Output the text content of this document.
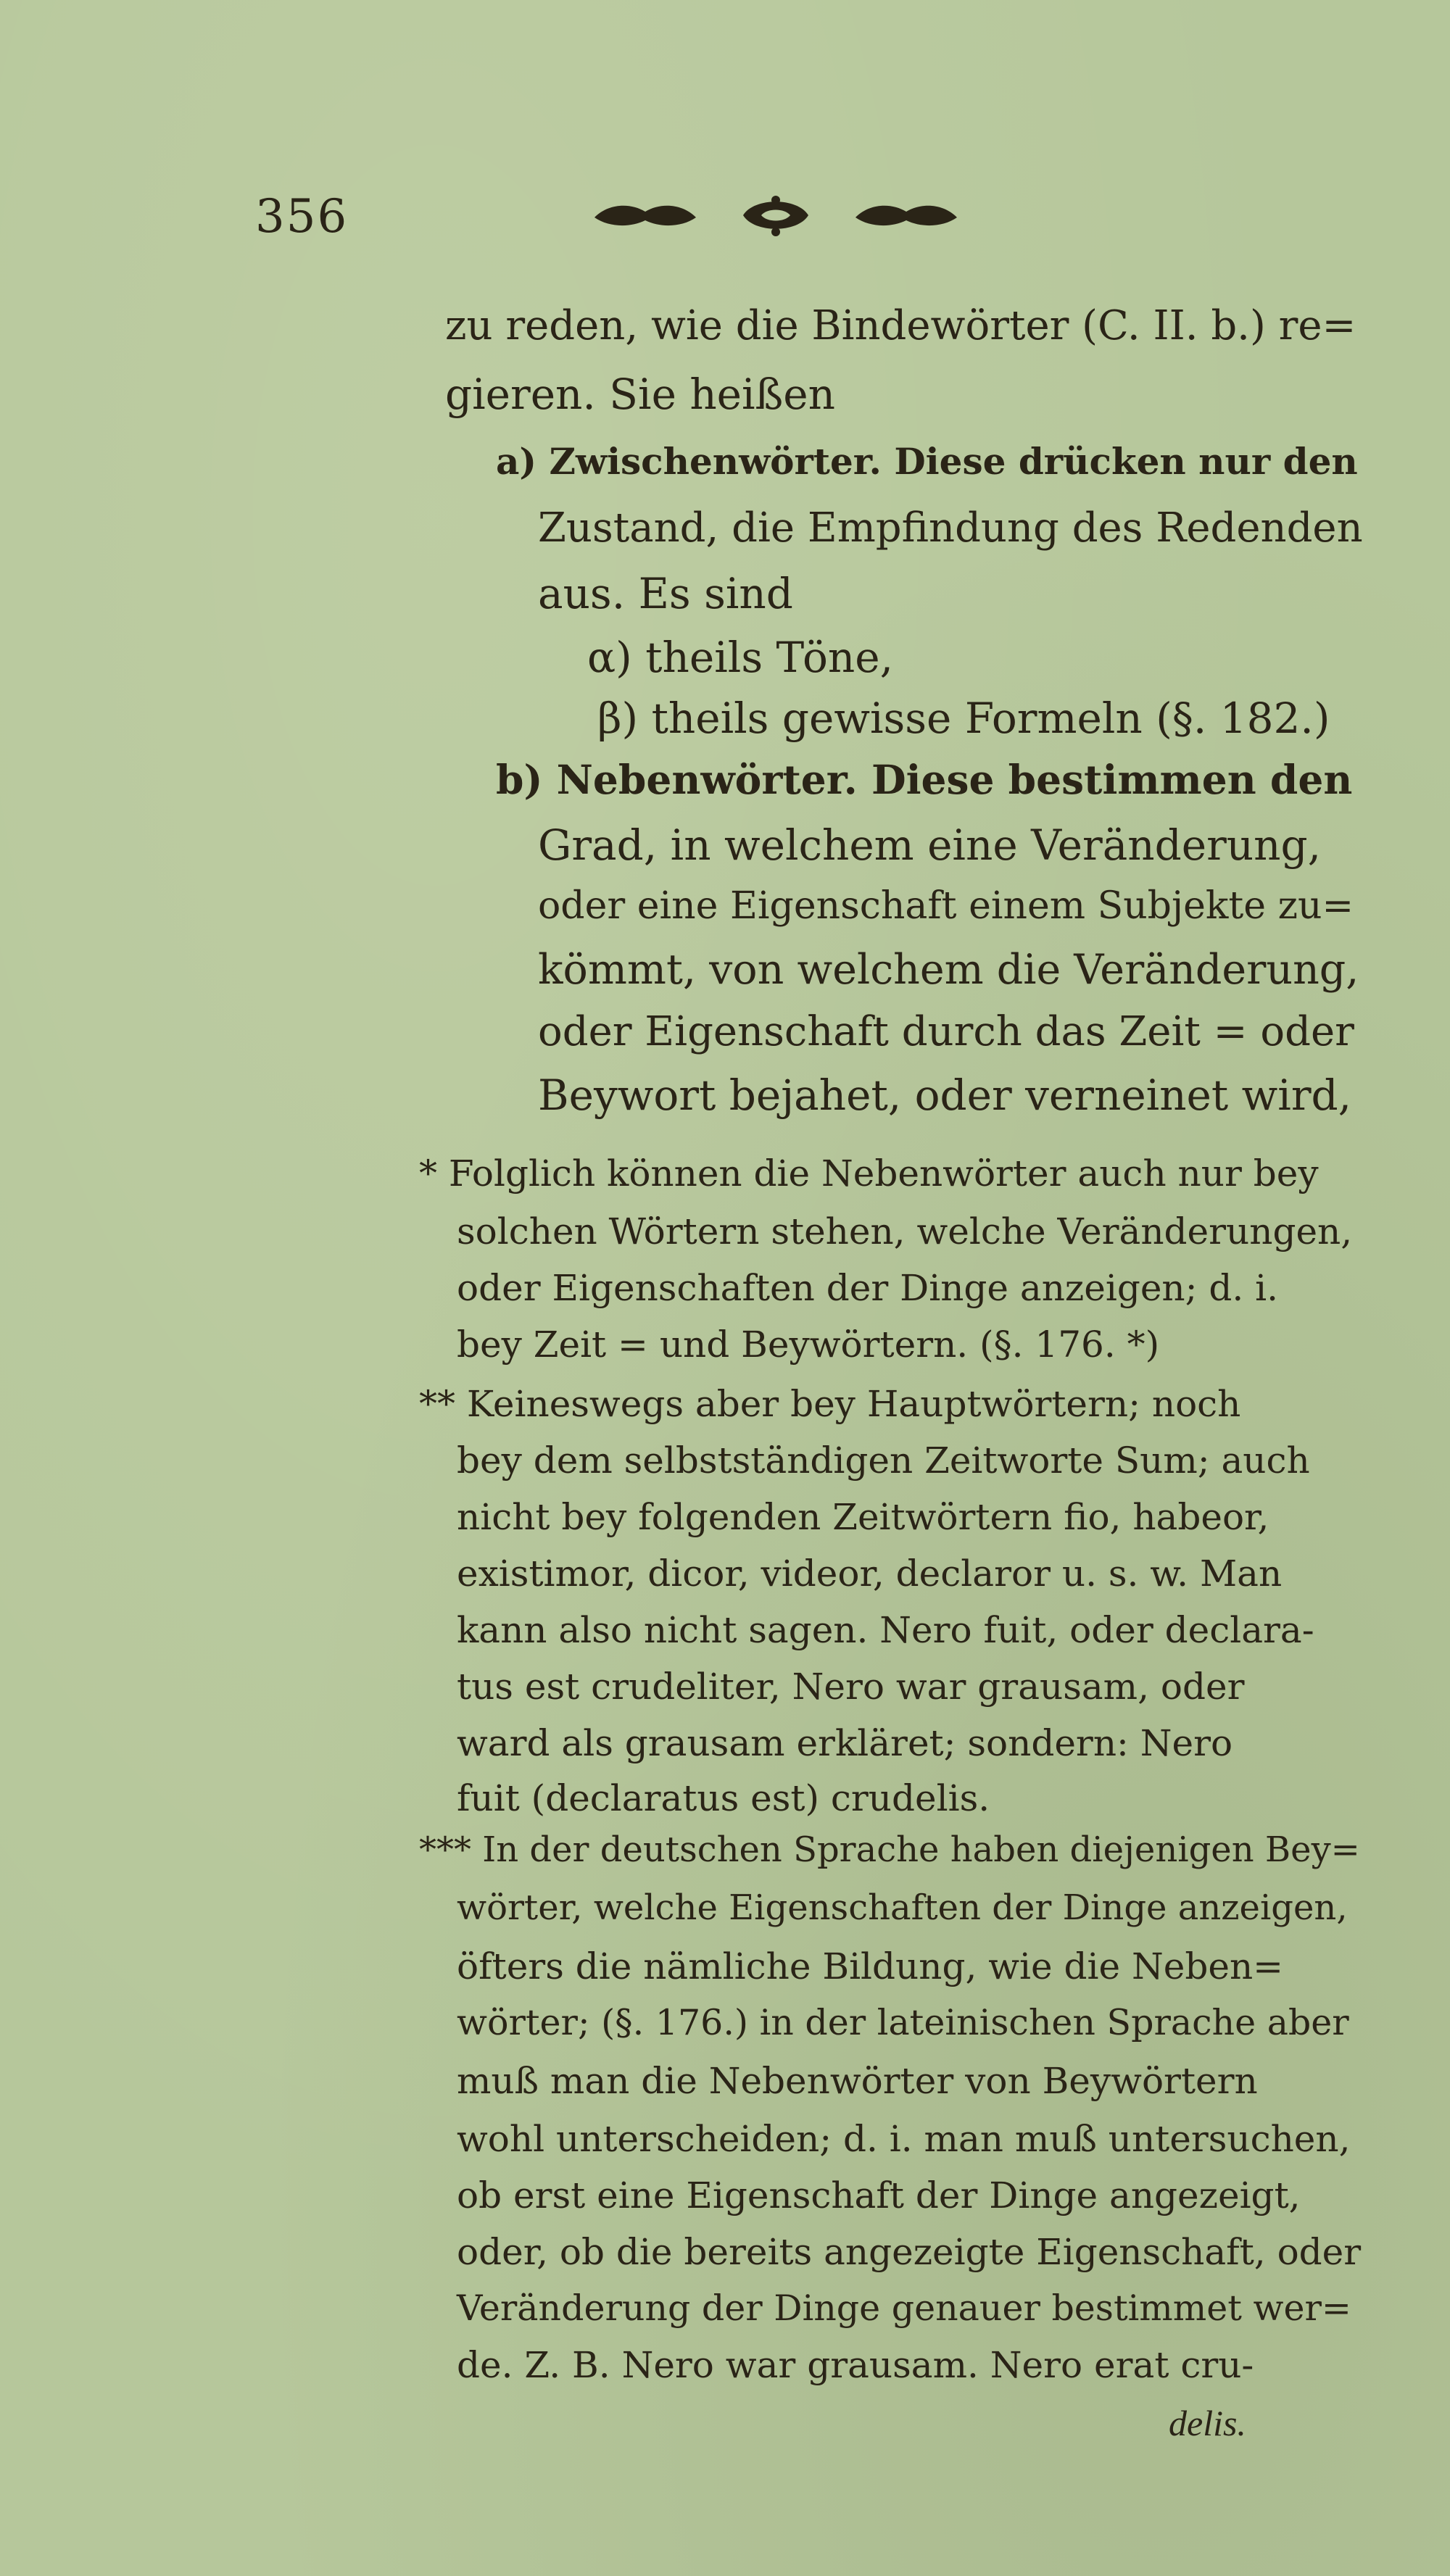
356
zu reden, wie die Bindewörter (C. II. b.) re=
gieren. Sie heißen
a) Zwischenwörter. Diese drücken nur den
Zustand, die Empfindung des Redenden
aus. Es sind
α) theils Töne,
β) theils gewisse Formeln (§. 182.)
b) Nebenwörter. Diese bestimmen den
Grad, in welchem eine Veränderung,
oder eine Eigenschaft einem Subjekte zu=
kömmt, von welchem die Veränderung,
oder Eigenschaft durch das Zeit = oder
Beywort bejahet, oder verneinet wird,
* Folglich können die Nebenwörter auch nur bey
solchen Wörtern stehen, welche Veränderungen,
oder Eigenschaften der Dinge anzeigen; d. i.
bey Zeit = und Beywörtern. (§. 176. *)
** Keineswegs aber bey Hauptwörtern; noch
bey dem selbstständigen Zeitworte Sum; auch
nicht bey folgenden Zeitwörtern fio, habeor,
existimor, dicor, videor, declaror u. s. w. Man
kann also nicht sagen. Nero fuit, oder declara-
tus est crudeliter, Nero war grausam, oder
ward als grausam erkläret; sondern: Nero
fuit (declaratus est) crudelis.
*** In der deutschen Sprache haben diejenigen Bey=
wörter, welche Eigenschaften der Dinge anzeigen,
öfters die nämliche Bildung, wie die Neben=
wörter; (§. 176.) in der lateinischen Sprache aber
muß man die Nebenwörter von Beywörtern
wohl unterscheiden; d. i. man muß untersuchen,
ob erst eine Eigenschaft der Dinge angezeigt,
oder, ob die bereits angezeigte Eigenschaft, oder
Veränderung der Dinge genauer bestimmet wer=
de. Z. B. Nero war grausam. Nero erat cru-
delis.
